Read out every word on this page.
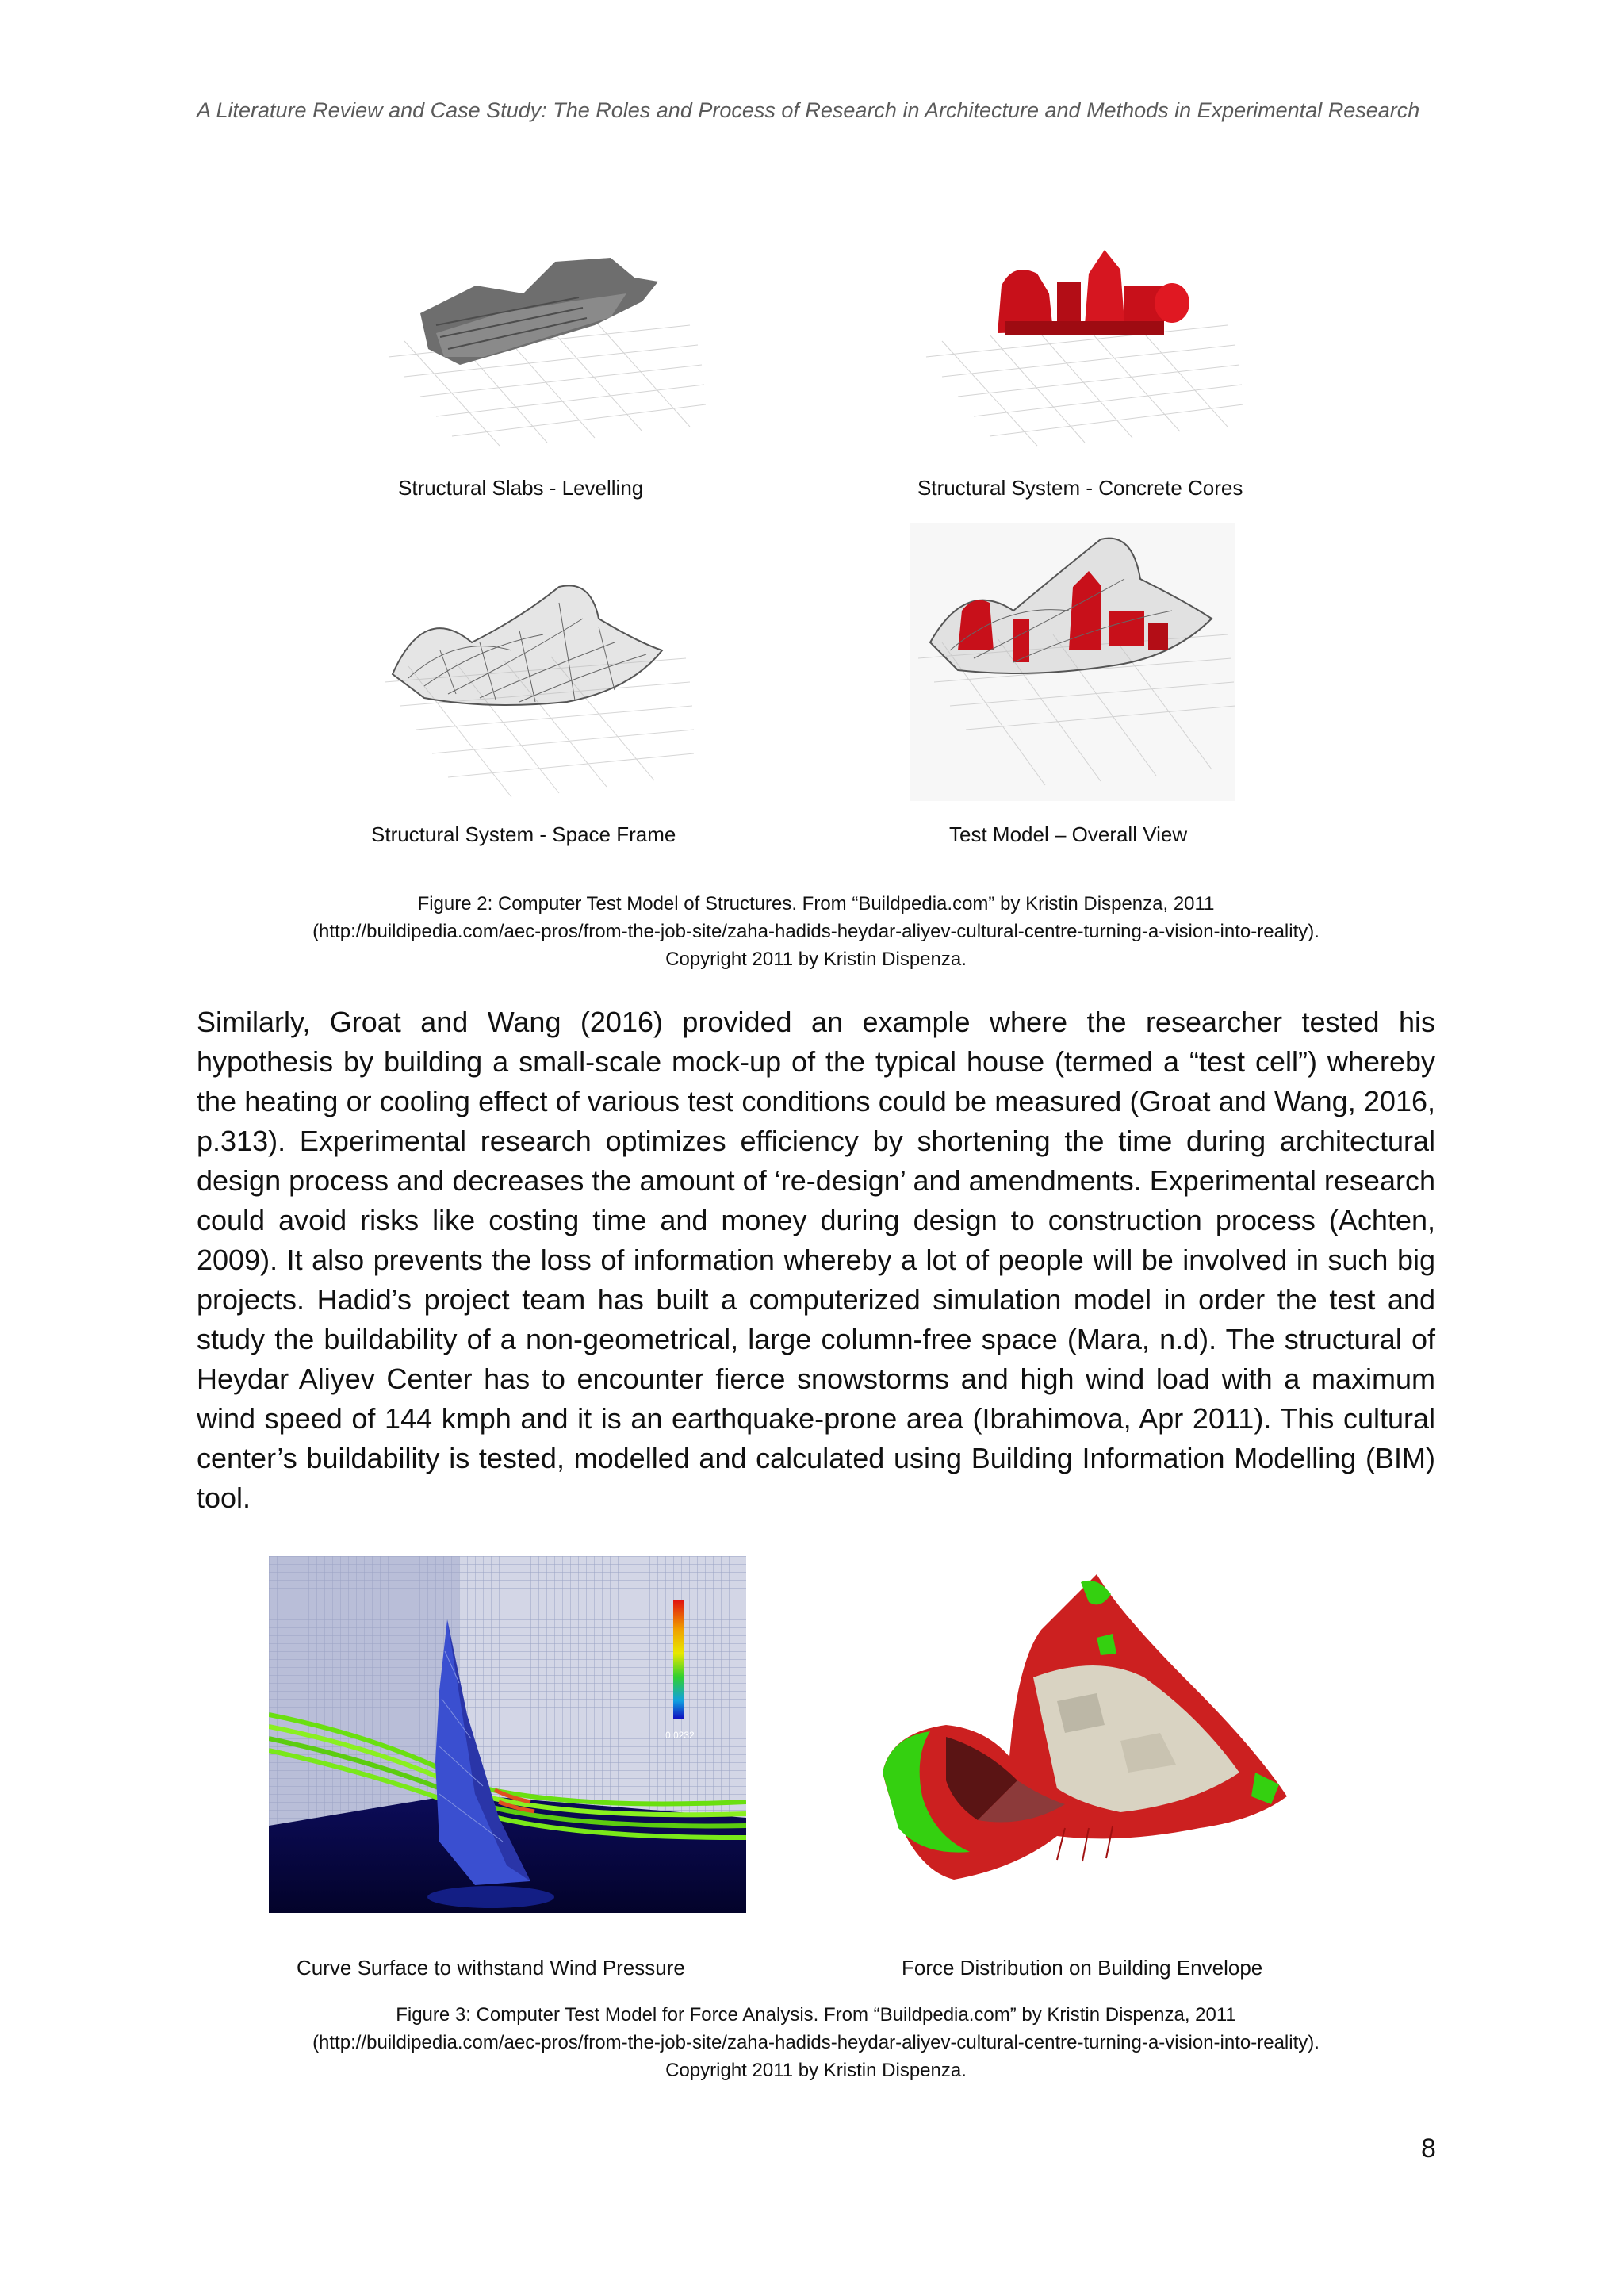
A Literature Review and Case Study: The Roles and Process of Research in Architecture and Methods in Experimental Research
Structural Slabs - Levelling	Structural System - Concrete Cores
Structural System - Space Frame	Test Model – Overall View
Figure 2: Computer Test Model of Structures. From “Buildpedia.com” by Kristin Dispenza, 2011
(http://buildipedia.com/aec-pros/from-the-job-site/zaha-hadids-heydar-aliyev-cultural-centre-turning-a-vision-into-reality).
Copyright 2011 by Kristin Dispenza.

Similarly, Groat and Wang (2016) provided an example where the researcher tested his hypothesis by building a small-scale mock-up of the typical house (termed a “test cell”) whereby the heating or cooling effect of various test conditions could be measured (Groat and Wang, 2016, p.313). Experimental research optimizes efficiency by shortening the time during architectural design process and decreases the amount of ‘re-design’ and amendments. Experimental research could avoid risks like costing time and money during design to construction process (Achten, 2009). It also prevents the loss of information whereby a lot of people will be involved in such big projects. Hadid’s project team has built a computerized simulation model in order the test and study the buildability of a non-geometrical, large column-free space (Mara, n.d). The structural of Heydar Aliyev Center has to encounter fierce snowstorms and high wind load with a maximum wind speed of 144 kmph and it is an earthquake-prone area (Ibrahimova, Apr 2011). This cultural center’s buildability is tested, modelled and calculated using Building Information Modelling (BIM) tool.

0.0232
Curve Surface to withstand Wind Pressure	Force Distribution on Building Envelope
Figure 3: Computer Test Model for Force Analysis. From “Buildpedia.com” by Kristin Dispenza, 2011
(http://buildipedia.com/aec-pros/from-the-job-site/zaha-hadids-heydar-aliyev-cultural-centre-turning-a-vision-into-reality).
Copyright 2011 by Kristin Dispenza.
8
